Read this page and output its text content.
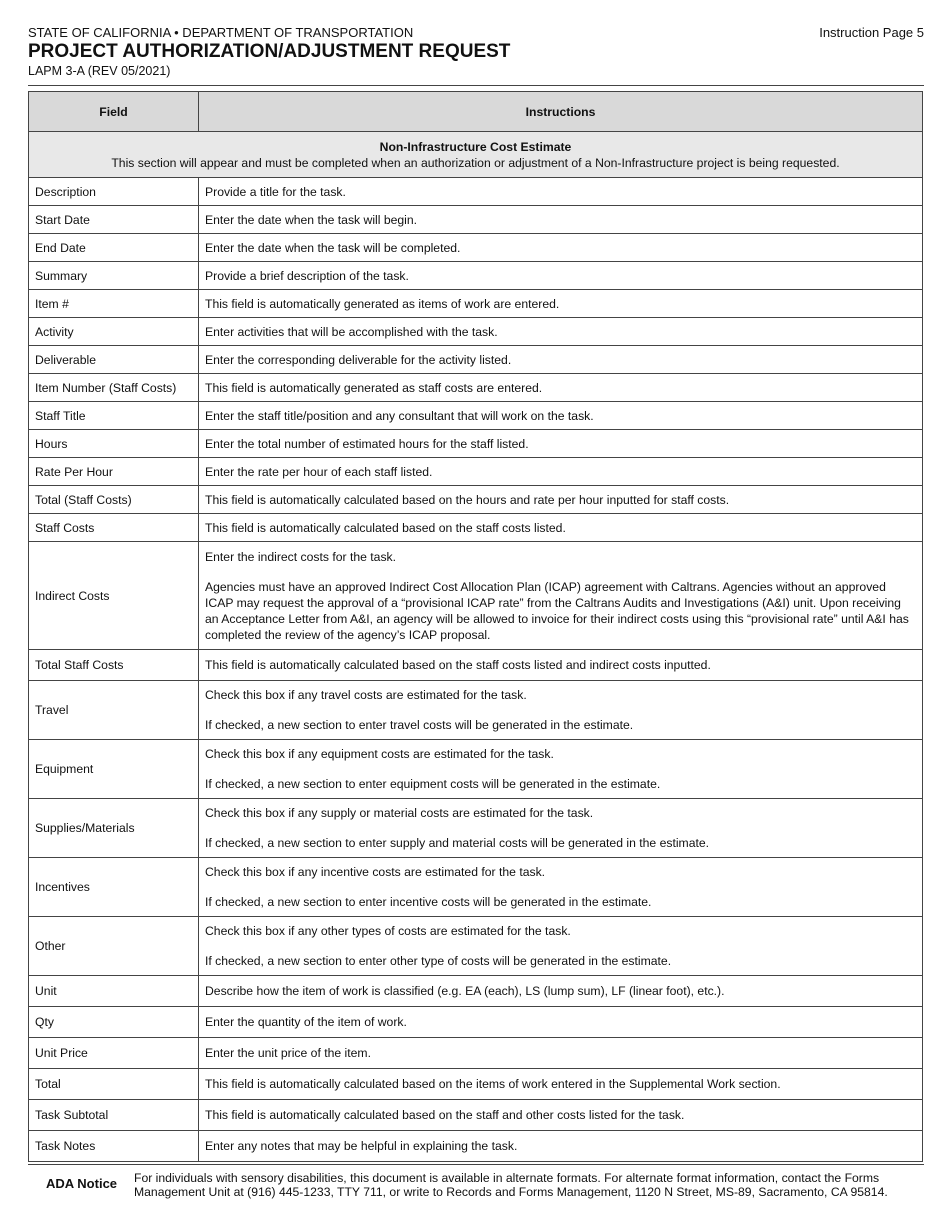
STATE OF CALIFORNIA • DEPARTMENT OF TRANSPORTATION
PROJECT AUTHORIZATION/ADJUSTMENT REQUEST
LAPM 3-A (REV 05/2021)
Instruction Page 5
Field	Instructions

Non-Infrastructure Cost Estimate
This section will appear and must be completed when an authorization or adjustment of a Non-Infrastructure project is being requested.	

Description	Provide a title for the task.

Start Date	Enter the date when the task will begin.

End Date	Enter the date when the task will be completed.

Summary	Provide a brief description of the task.

Item #	This field is automatically generated as items of work are entered.

Activity	Enter activities that will be accomplished with the task.

Deliverable	Enter the corresponding deliverable for the activity listed.

Item Number (Staff Costs)	This field is automatically generated as staff costs are entered.

Staff Title	Enter the staff title/position and any consultant that will work on the task.

Hours	Enter the total number of estimated hours for the staff listed.

Rate Per Hour	Enter the rate per hour of each staff listed.

Total (Staff Costs)	This field is automatically calculated based on the hours and rate per hour inputted for staff costs.

Staff Costs	This field is automatically calculated based on the staff costs listed.

Indirect Costs	Enter the indirect costs for the task.

Agencies must have an approved Indirect Cost Allocation Plan (ICAP) agreement with Caltrans. Agencies without an approved ICAP may request the approval of a “provisional ICAP rate” from the Caltrans Audits and Investigations (A&I) unit. Upon receiving an Acceptance Letter from A&I, an agency will be allowed to invoice for their indirect costs using this “provisional rate” until A&I has completed the review of the agency’s ICAP proposal.

Total Staff Costs	This field is automatically calculated based on the staff costs listed and indirect costs inputted.

Travel	Check this box if any travel costs are estimated for the task.

If checked, a new section to enter travel costs will be generated in the estimate.

Equipment	Check this box if any equipment costs are estimated for the task.

If checked, a new section to enter equipment costs will be generated in the estimate.

Supplies/Materials	Check this box if any supply or material costs are estimated for the task.

If checked, a new section to enter supply and material costs will be generated in the estimate.

Incentives	Check this box if any incentive costs are estimated for the task.

If checked, a new section to enter incentive costs will be generated in the estimate.

Other	Check this box if any other types of costs are estimated for the task.

If checked, a new section to enter other type of costs will be generated in the estimate.

Unit	Describe how the item of work is classified (e.g. EA (each), LS (lump sum), LF (linear foot), etc.).

Qty	Enter the quantity of the item of work.

Unit Price	Enter the unit price of the item.

Total	This field is automatically calculated based on the items of work entered in the Supplemental Work section.

Task Subtotal	This field is automatically calculated based on the staff and other costs listed for the task.

Task Notes	Enter any notes that may be helpful in explaining the task.

ADA Notice For individuals with sensory disabilities, this document is available in alternate formats. For alternate format information, contact the Forms Management Unit at (916) 445-1233, TTY 711, or write to Records and Forms Management, 1120 N Street, MS-89, Sacramento, CA 95814.
